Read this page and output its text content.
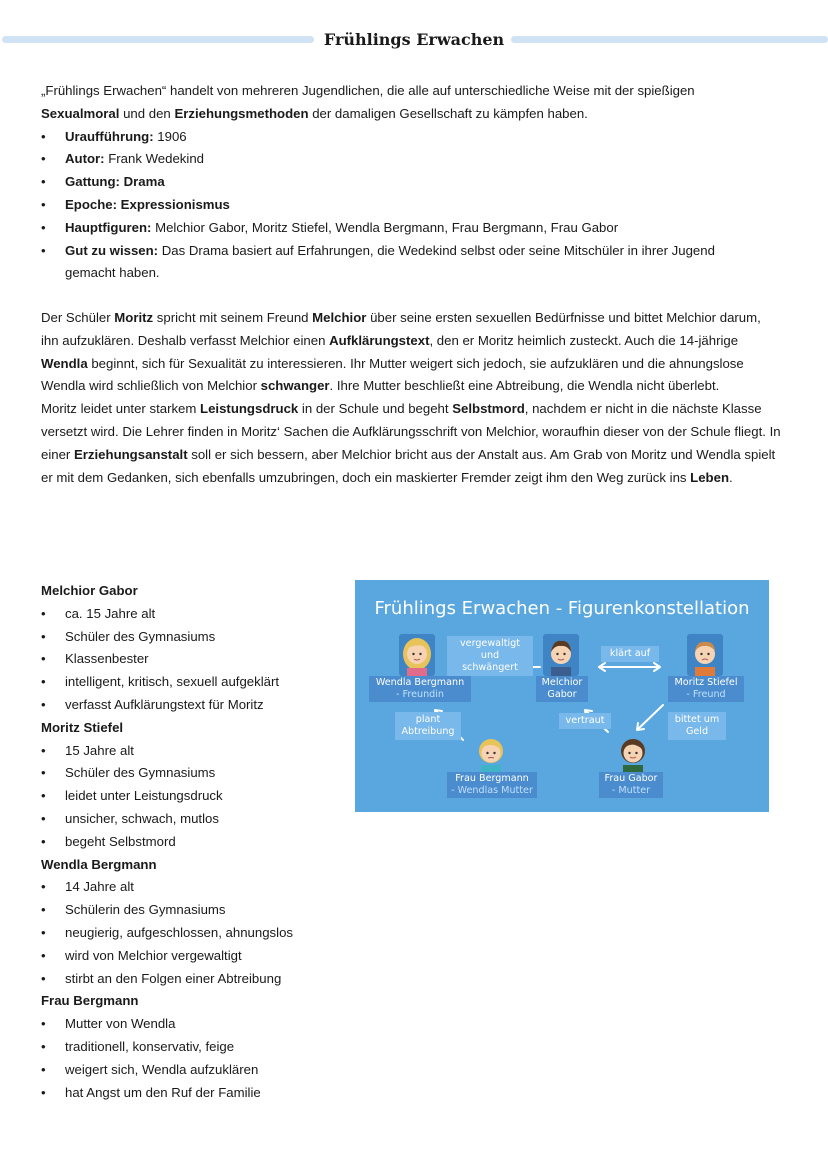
Frühlings Erwachen
„Frühlings Erwachen“ handelt von mehreren Jugendlichen, die alle auf unterschiedliche Weise mit der spießigen
Sexualmoral und den Erziehungsmethoden der damaligen Gesellschaft zu kämpfen haben.
• Uraufführung: 1906
• Autor: Frank Wedekind
• Gattung: Drama
• Epoche: Expressionismus
• Hauptfiguren: Melchior Gabor, Moritz Stiefel, Wendla Bergmann, Frau Bergmann, Frau Gabor
• Gut zu wissen: Das Drama basiert auf Erfahrungen, die Wedekind selbst oder seine Mitschüler in ihrer Jugend gemacht haben.

Der Schüler Moritz spricht mit seinem Freund Melchior über seine ersten sexuellen Bedürfnisse und bittet Melchior darum, ihn aufzuklären. Deshalb verfasst Melchior einen Aufklärungstext, den er Moritz heimlich zusteckt. Auch die 14-jährige Wendla beginnt, sich für Sexualität zu interessieren. Ihr Mutter weigert sich jedoch, sie aufzuklären und die ahnungslose Wendla wird schließlich von Melchior schwanger. Ihre Mutter beschließt eine Abtreibung, die Wendla nicht überlebt.

Moritz leidet unter starkem Leistungsdruck in der Schule und begeht Selbstmord, nachdem er nicht in die nächste Klasse versetzt wird. Die Lehrer finden in Moritz‘ Sachen die Aufklärungsschrift von Melchior, woraufhin dieser von der Schule fliegt. In einer Erziehungsanstalt soll er sich bessern, aber Melchior bricht aus der Anstalt aus. Am Grab von Moritz und Wendla spielt er mit dem Gedanken, sich ebenfalls umzubringen, doch ein maskierter Fremder zeigt ihm den Weg zurück ins Leben.

Melchior Gabor
• ca. 15 Jahre alt
• Schüler des Gymnasiums
• Klassenbester
• intelligent, kritisch, sexuell aufgeklärt
• verfasst Aufklärungstext für Moritz
Moritz Stiefel
• 15 Jahre alt
• Schüler des Gymnasiums
• leidet unter Leistungsdruck
• unsicher, schwach, mutlos
• begeht Selbstmord
Wendla Bergmann
• 14 Jahre alt
• Schülerin des Gymnasiums
• neugierig, aufgeschlossen, ahnungslos
• wird von Melchior vergewaltigt
• stirbt an den Folgen einer Abtreibung
Frau Bergmann
• Mutter von Wendla
• traditionell, konservativ, feige
• weigert sich, Wendla aufzuklären
• hat Angst um den Ruf der Familie
Frühlings Erwachen - Figurenkonstellation
Wendla Bergmann
- Freundin
Melchior
Gabor
Moritz Stiefel
- Freund
Frau Bergmann
- Wendlas Mutter
Frau Gabor
- Mutter
vergewaltigt
und schwängert
klärt auf
plant
Abtreibung
vertraut	bittet um
Geld
